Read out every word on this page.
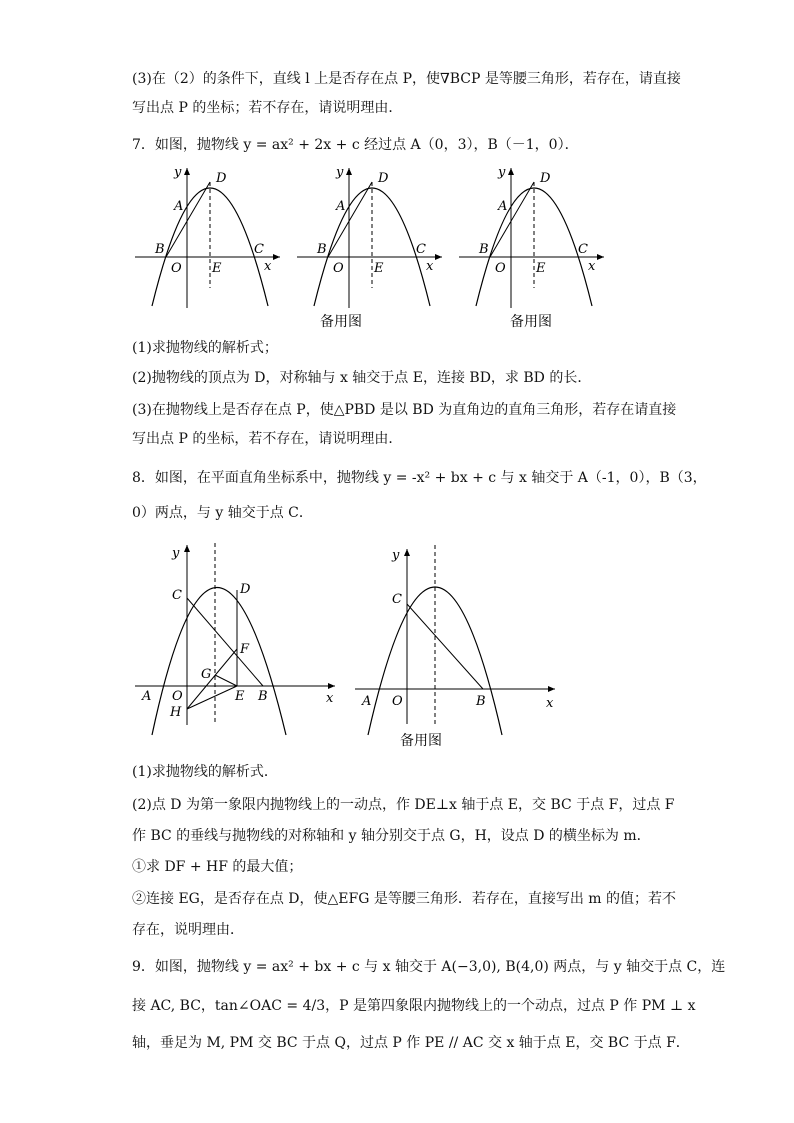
(3)在（2）的条件下，直线 l 上是否存在点 P，使∇BCP 是等腰三角形，若存在，请直接
写出点 P 的坐标；若不存在，请说明理由．
7．如图，抛物线 y = ax² + 2x + c 经过点 A（0，3），B（－1，0）．
y
x
D
A
B	C
O E
y
x
D
A
B	C
O E
y
x
D
A
B	C
O E
备用图	备用图
(1)求抛物线的解析式；
(2)抛物线的顶点为 D，对称轴与 x 轴交于点 E，连接 BD，求 BD 的长．
(3)在抛物线上是否存在点 P，使△PBD 是以 BD 为直角边的直角三角形，若存在请直接
写出点 P 的坐标，若不存在，请说明理由．
8．如图，在平面直角坐标系中，抛物线 y = -x² + bx + c 与 x 轴交于 A（-1，0），B（3，
0）两点，与 y 轴交于点 C．
y
x
C	D
F
G
A O	E B
H
y
x
C
A O	B
备用图
(1)求抛物线的解析式．
(2)点 D 为第一象限内抛物线上的一动点，作 DE⊥x 轴于点 E，交 BC 于点 F，过点 F
作 BC 的垂线与抛物线的对称轴和 y 轴分别交于点 G，H，设点 D 的横坐标为 m．
①求 DF + HF 的最大值；
②连接 EG，是否存在点 D，使△EFG 是等腰三角形．若存在，直接写出 m 的值；若不
存在，说明理由．
9．如图，抛物线 y = ax² + bx + c 与 x 轴交于 A(−3,0), B(4,0) 两点，与 y 轴交于点 C，连
接 AC, BC，tan∠OAC = 4/3，P 是第四象限内抛物线上的一个动点，过点 P 作 PM ⊥ x
轴，垂足为 M, PM 交 BC 于点 Q，过点 P 作 PE // AC 交 x 轴于点 E，交 BC 于点 F．
